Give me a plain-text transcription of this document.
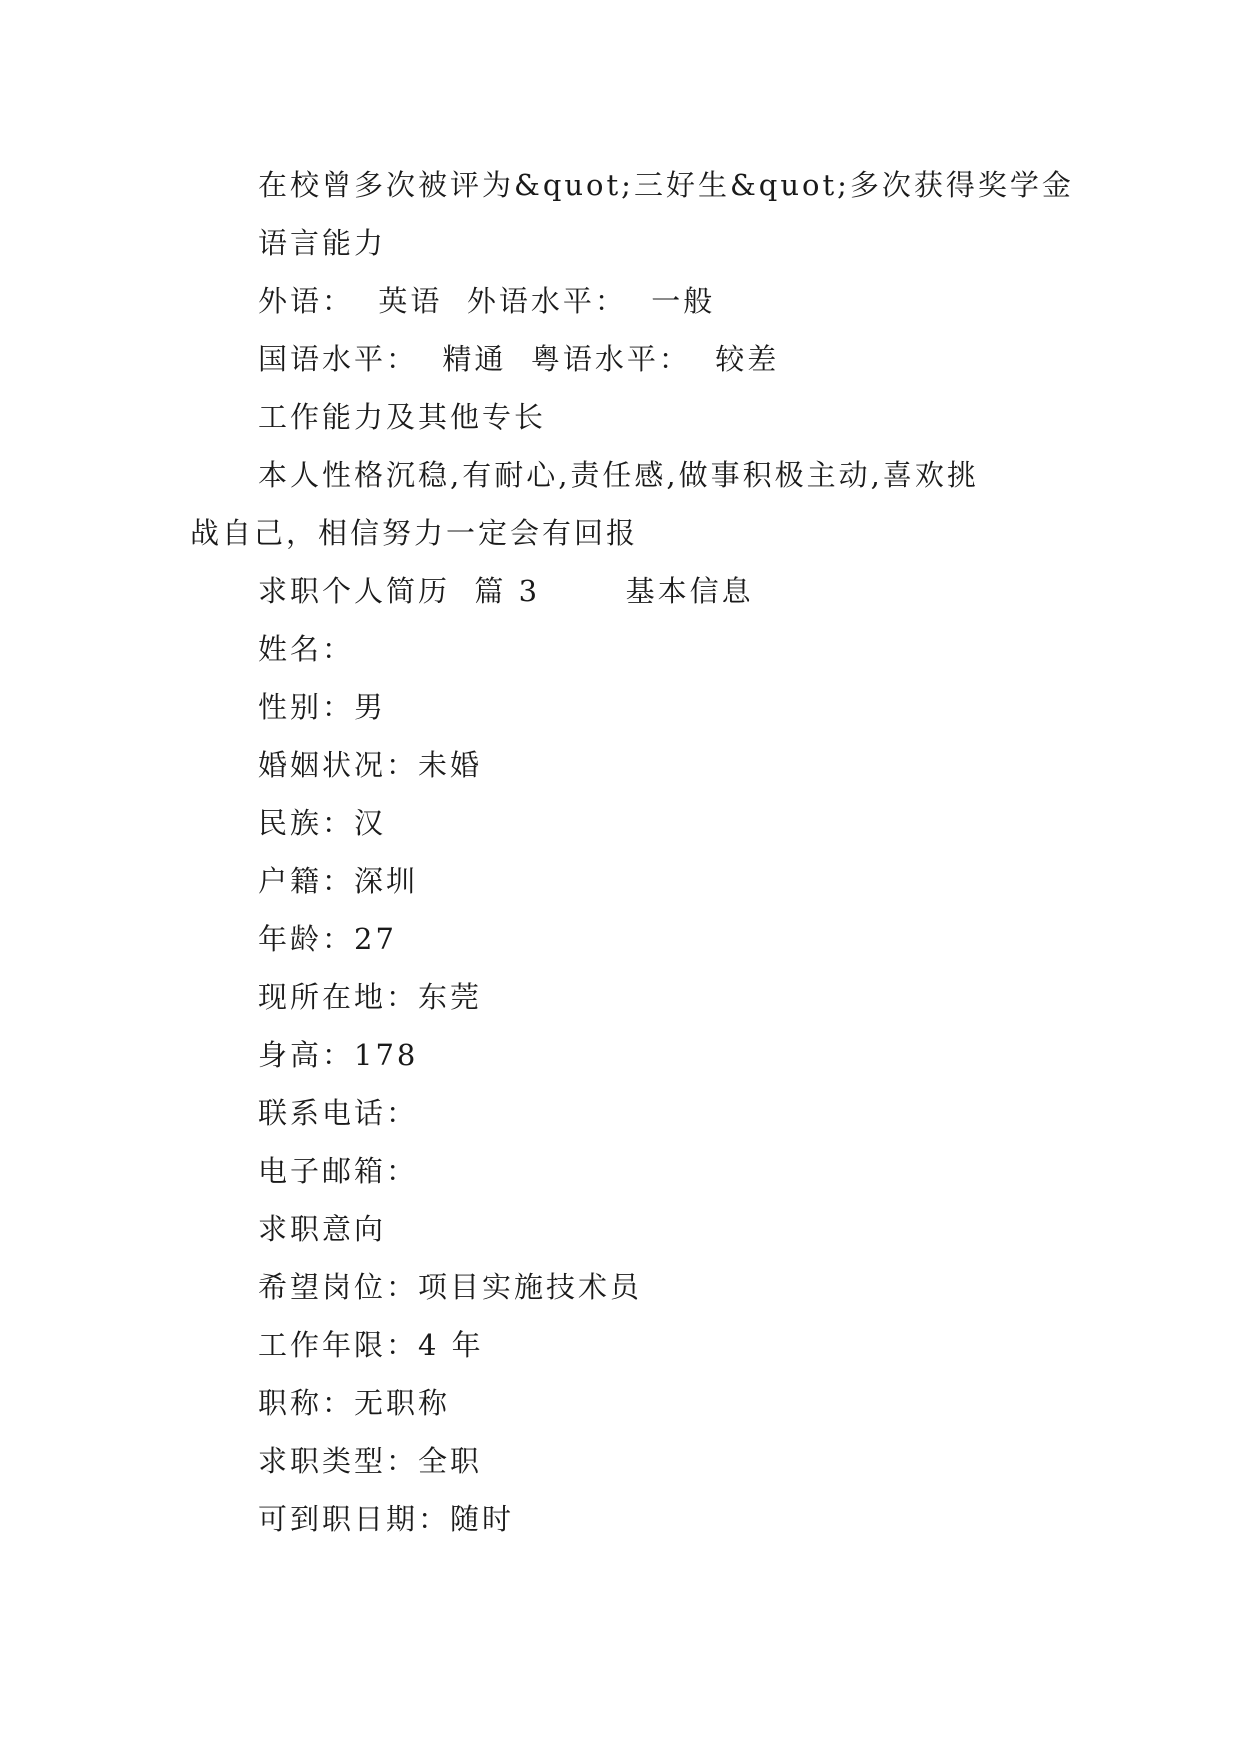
在校曾多次被评为&quot;三好生&quot;多次获得奖学金
语言能力
外语：  英语  外语水平：  一般
国语水平：  精通  粤语水平：  较差
工作能力及其他专长
本人性格沉稳,有耐心,责任感,做事积极主动,喜欢挑
战自己，相信努力一定会有回报
求职个人简历  篇 3       基本信息
姓名：
性别：男
婚姻状况：未婚
民族：汉
户籍：深圳
年龄：27
现所在地：东莞
身高：178
联系电话：
电子邮箱：
求职意向
希望岗位：项目实施技术员
工作年限：4 年
职称：无职称
求职类型：全职
可到职日期：随时
